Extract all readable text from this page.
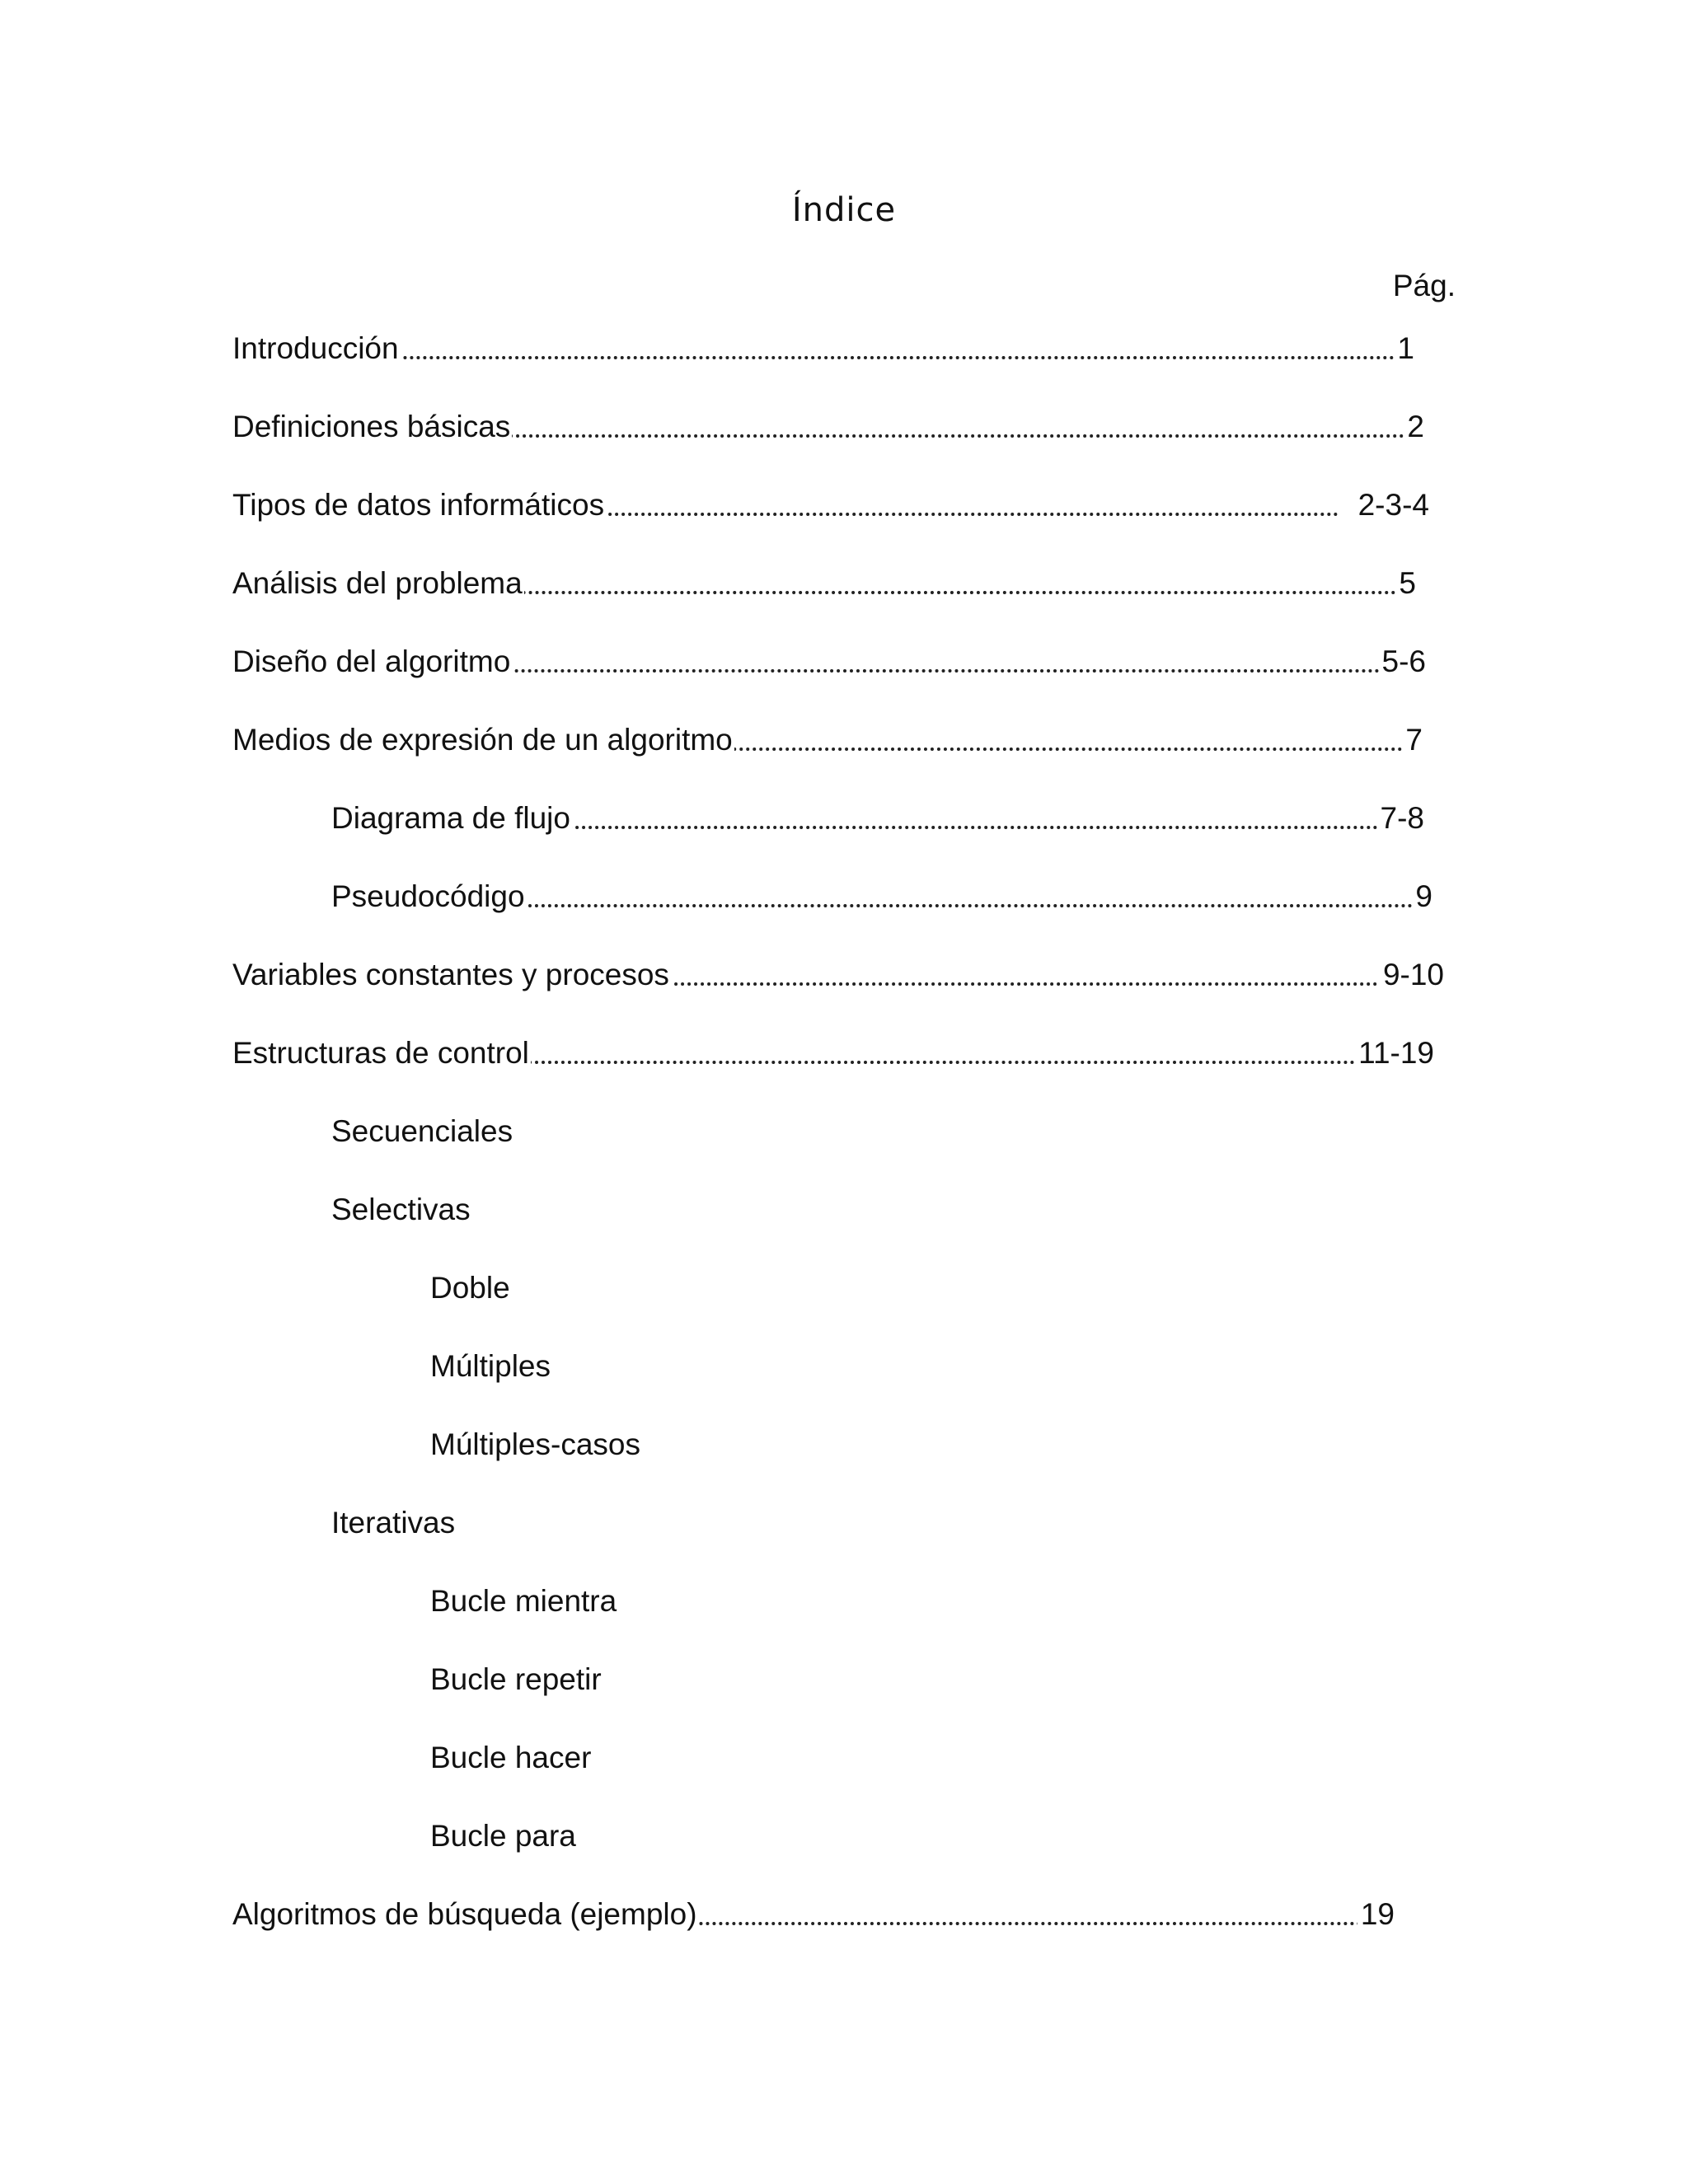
Índice
Pág.
Introducción	1
Definiciones básicas	2
Tipos de datos informáticos	2-3-4
Análisis del problema	5
Diseño del algoritmo	5-6
Medios de expresión de un algoritmo	7
Diagrama de flujo	7-8
Pseudocódigo	9
Variables constantes y procesos	9-10
Estructuras de control	11-19
Secuenciales
Selectivas
Doble
Múltiples
Múltiples-casos
Iterativas
Bucle mientra
Bucle repetir
Bucle hacer
Bucle para
Algoritmos de búsqueda (ejemplo)	19
